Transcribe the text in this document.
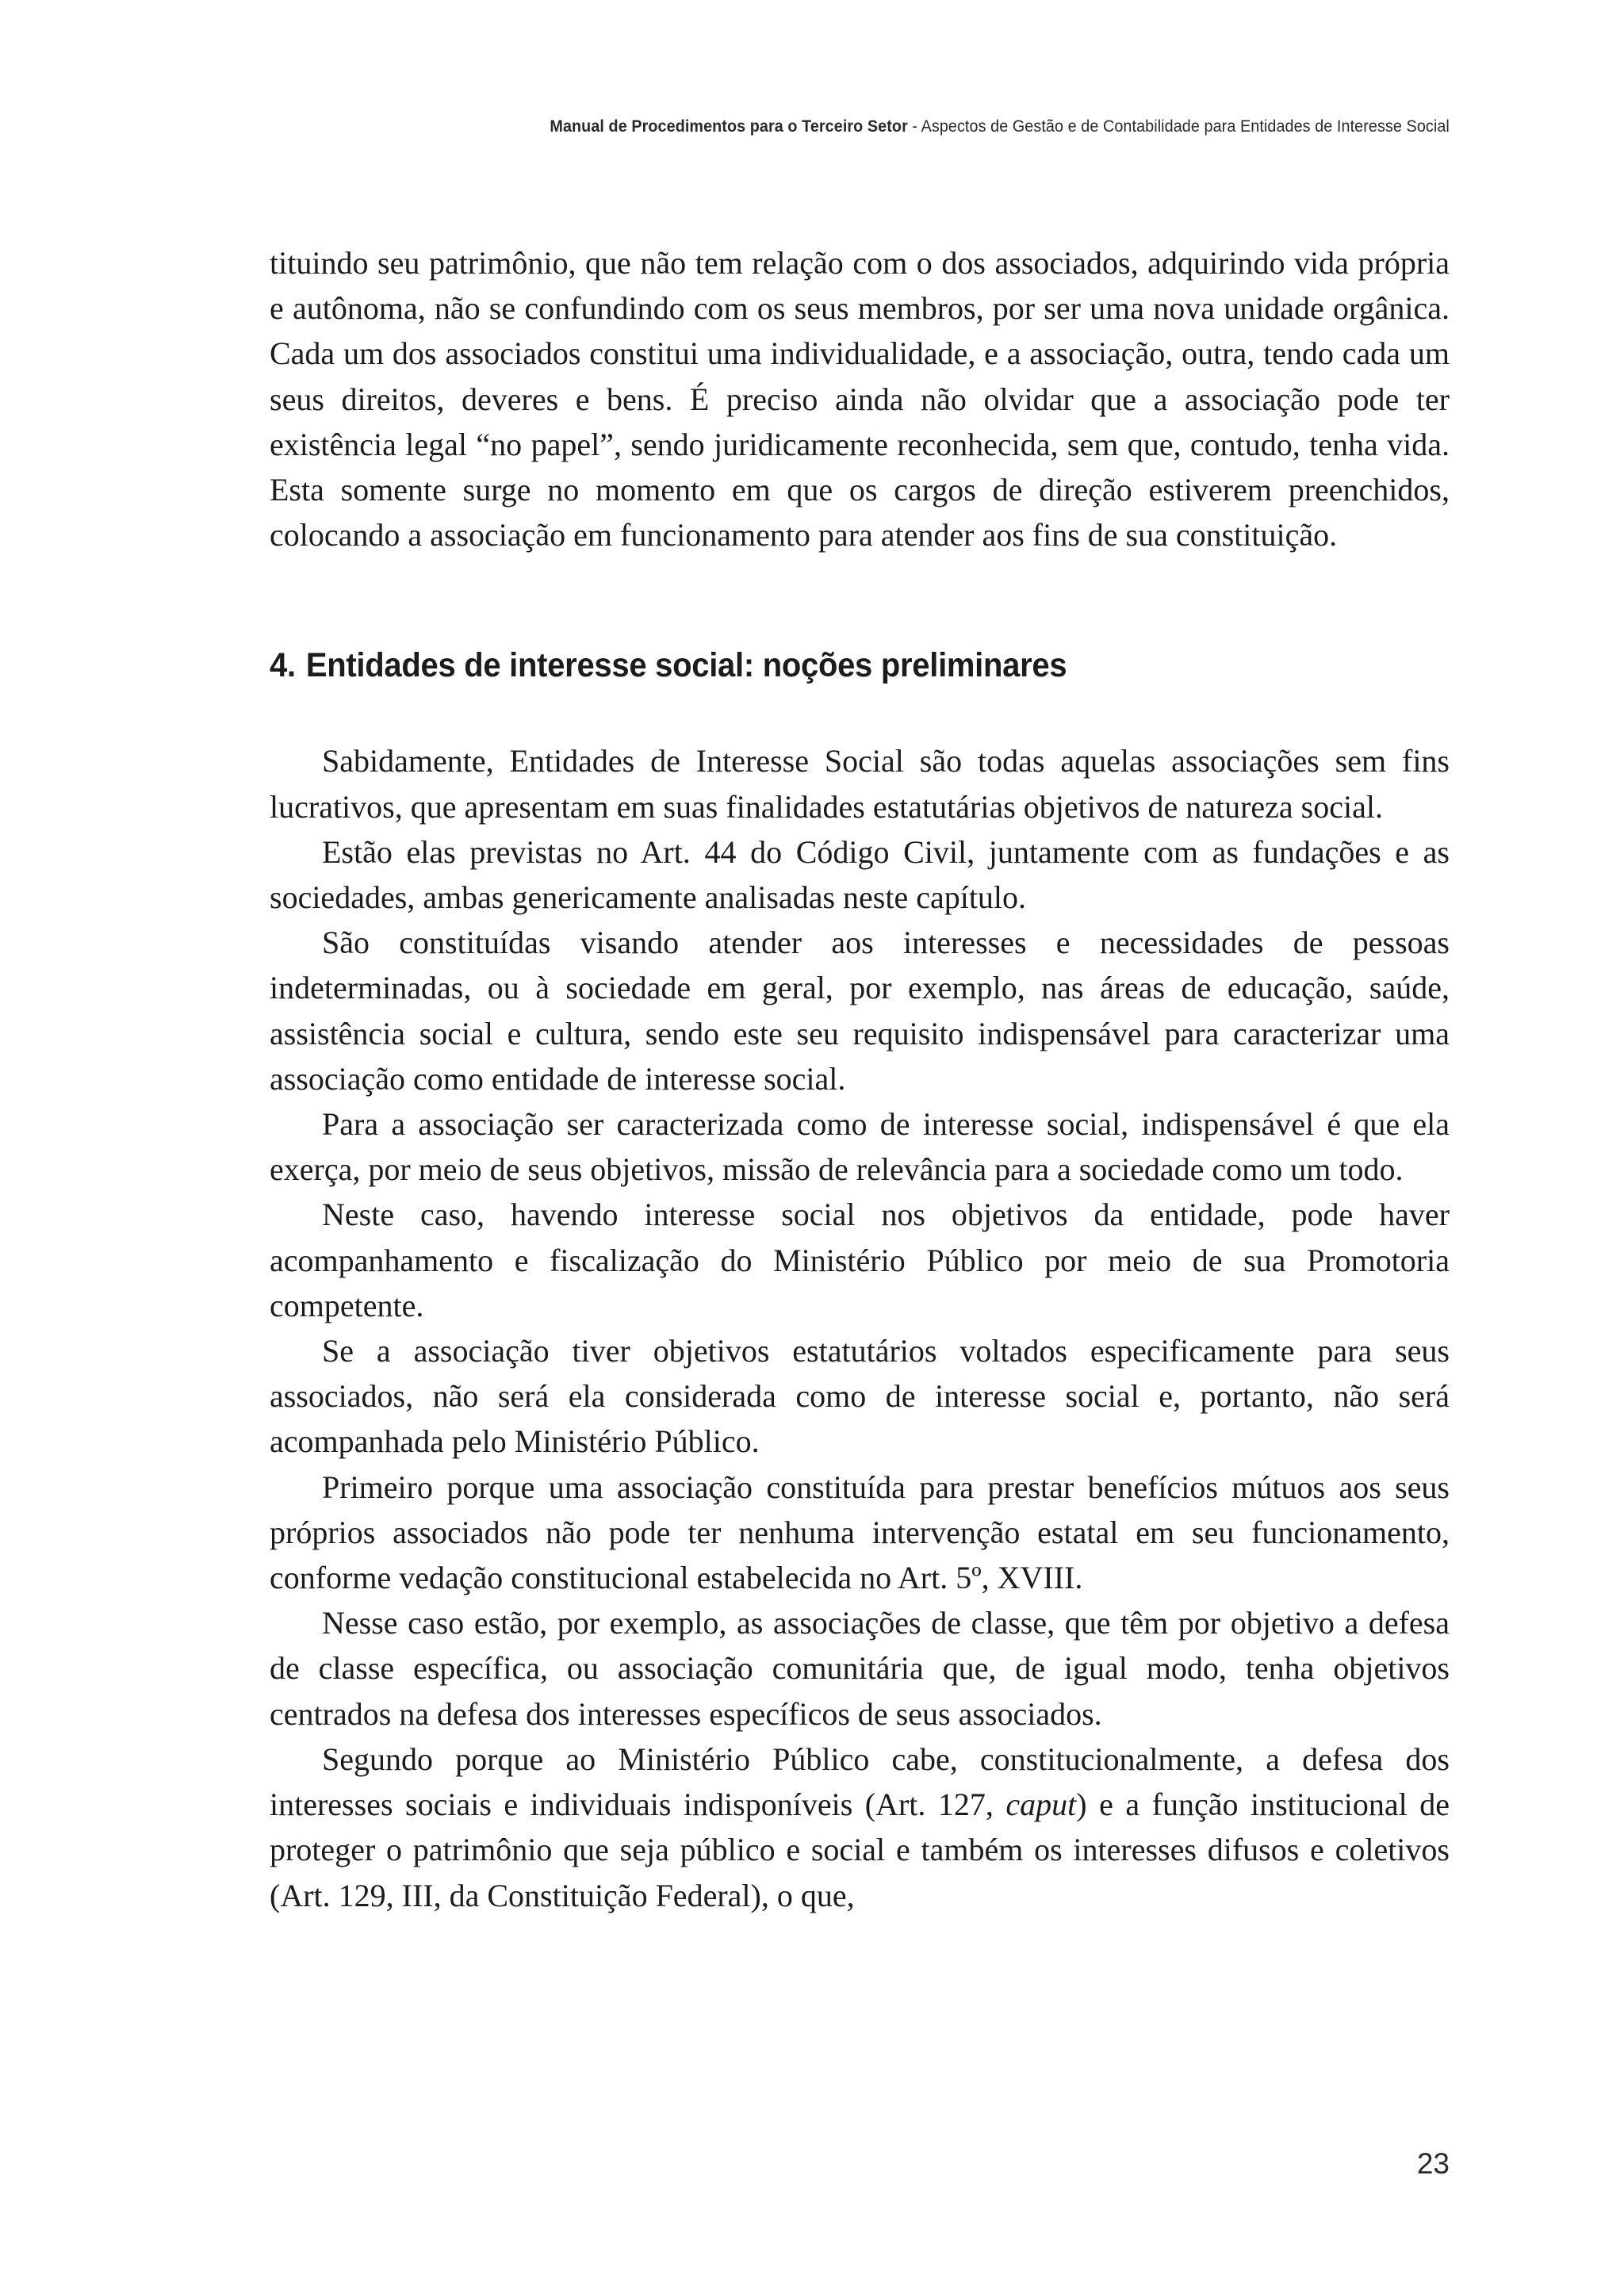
Manual de Procedimentos para o Terceiro Setor - Aspectos de Gestão e de Contabilidade para Entidades de Interesse Social

tituindo seu patrimônio, que não tem relação com o dos associados, adquirindo vida própria e autônoma, não se confundindo com os seus membros, por ser uma nova unidade orgânica. Cada um dos associados constitui uma individualidade, e a associação, outra, tendo cada um seus direitos, deveres e bens. É preciso ainda não olvidar que a associação pode ter existência legal “no papel”, sendo juridicamente reconhecida, sem que, contudo, tenha vida. Esta somente surge no momento em que os cargos de direção estiverem preenchidos, colocando a associação em funcionamento para atender aos fins de sua constituição.

4. Entidades de interesse social: noções preliminares

Sabidamente, Entidades de Interesse Social são todas aquelas associações sem fins lucrativos, que apresentam em suas finalidades estatutárias objetivos de natureza social.

Estão elas previstas no Art. 44 do Código Civil, juntamente com as fundações e as sociedades, ambas genericamente analisadas neste capítulo.

São constituídas visando atender aos interesses e necessidades de pessoas indeterminadas, ou à sociedade em geral, por exemplo, nas áreas de educação, saúde, assistência social e cultura, sendo este seu requisito indispensável para caracterizar uma associação como entidade de interesse social.

Para a associação ser caracterizada como de interesse social, indispensável é que ela exerça, por meio de seus objetivos, missão de relevância para a sociedade como um todo.

Neste caso, havendo interesse social nos objetivos da entidade, pode haver acompanhamento e fiscalização do Ministério Público por meio de sua Promotoria competente.

Se a associação tiver objetivos estatutários voltados especificamente para seus associados, não será ela considerada como de interesse social e, portanto, não será acompanhada pelo Ministério Público.

Primeiro porque uma associação constituída para prestar benefícios mútuos aos seus próprios associados não pode ter nenhuma intervenção estatal em seu funcionamento, conforme vedação constitucional estabelecida no Art. 5º, XVIII.

Nesse caso estão, por exemplo, as associações de classe, que têm por objetivo a defesa de classe específica, ou associação comunitária que, de igual modo, tenha objetivos centrados na defesa dos interesses específicos de seus associados.

Segundo porque ao Ministério Público cabe, constitucionalmente, a defesa dos interesses sociais e individuais indisponíveis (Art. 127, caput) e a função institucional de proteger o patrimônio que seja público e social e também os interesses difusos e coletivos (Art. 129, III, da Constituição Federal), o que,

23
